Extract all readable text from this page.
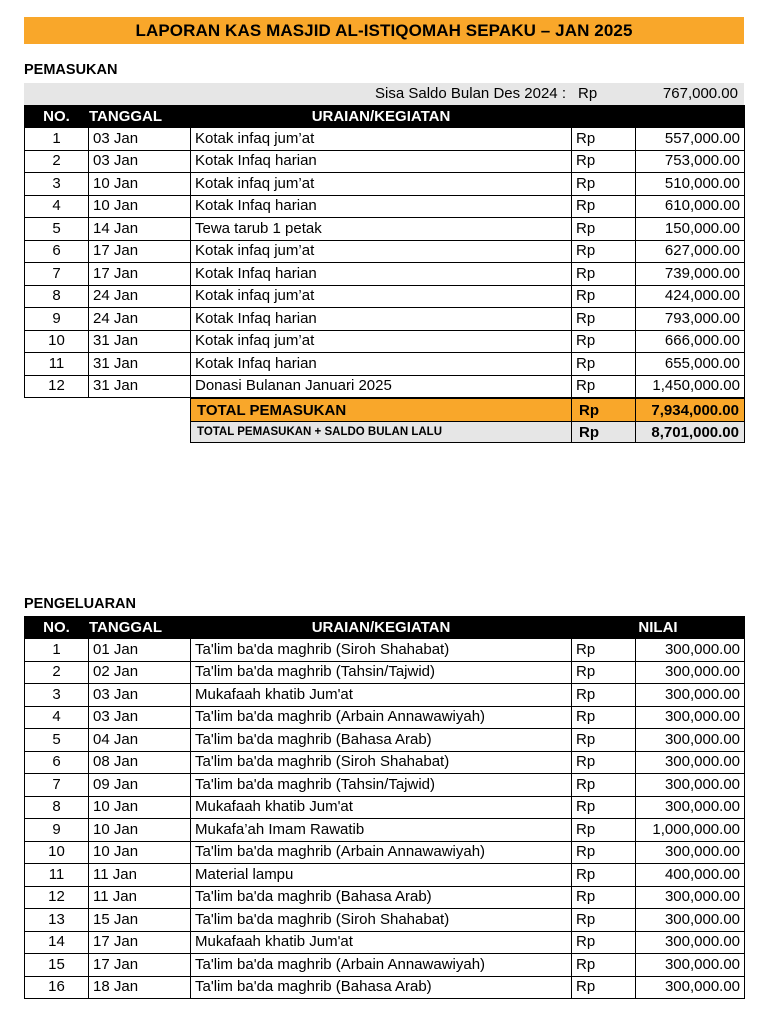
LAPORAN KAS MASJID AL-ISTIQOMAH SEPAKU – JAN 2025
PEMASUKAN
Sisa Saldo Bulan Des 2024 : Rp	767,000.00
NO.	TANGGAL	URAIAN/KEGIATAN		
1	03 Jan	Kotak infaq jum’at	Rp	557,000.00
2	03 Jan	Kotak Infaq harian	Rp	753,000.00
3	10 Jan	Kotak infaq jum’at	Rp	510,000.00
4	10 Jan	Kotak Infaq harian	Rp	610,000.00
5	14 Jan	Tewa tarub 1 petak	Rp	150,000.00
6	17 Jan	Kotak infaq jum’at	Rp	627,000.00
7	17 Jan	Kotak Infaq harian	Rp	739,000.00
8	24 Jan	Kotak infaq jum’at	Rp	424,000.00
9	24 Jan	Kotak Infaq harian	Rp	793,000.00
10	31 Jan	Kotak infaq jum’at	Rp	666,000.00
11	31 Jan	Kotak Infaq harian	Rp	655,000.00
12	31 Jan	Donasi Bulanan Januari 2025	Rp	1,450,000.00
TOTAL PEMASUKAN	Rp	7,934,000.00
TOTAL PEMASUKAN + SALDO BULAN LALU	Rp	8,701,000.00
PENGELUARAN
NO.	TANGGAL	URAIAN/KEGIATAN	NILAI	
1	01 Jan	Ta'lim ba'da maghrib (Siroh Shahabat)	Rp	300,000.00
2	02 Jan	Ta'lim ba'da maghrib (Tahsin/Tajwid)	Rp	300,000.00
3	03 Jan	Mukafaah khatib Jum'at	Rp	300,000.00
4	03 Jan	Ta'lim ba'da maghrib (Arbain Annawawiyah)	Rp	300,000.00
5	04 Jan	Ta'lim ba'da maghrib (Bahasa Arab)	Rp	300,000.00
6	08 Jan	Ta'lim ba'da maghrib (Siroh Shahabat)	Rp	300,000.00
7	09 Jan	Ta'lim ba'da maghrib (Tahsin/Tajwid)	Rp	300,000.00
8	10 Jan	Mukafaah khatib Jum'at	Rp	300,000.00
9	10 Jan	Mukafa’ah Imam Rawatib	Rp	1,000,000.00
10	10 Jan	Ta'lim ba'da maghrib (Arbain Annawawiyah)	Rp	300,000.00
11	11 Jan	Material lampu	Rp	400,000.00
12	11 Jan	Ta'lim ba'da maghrib (Bahasa Arab)	Rp	300,000.00
13	15 Jan	Ta'lim ba'da maghrib (Siroh Shahabat)	Rp	300,000.00
14	17 Jan	Mukafaah khatib Jum'at	Rp	300,000.00
15	17 Jan	Ta'lim ba'da maghrib (Arbain Annawawiyah)	Rp	300,000.00
16	18 Jan	Ta'lim ba'da maghrib (Bahasa Arab)	Rp	300,000.00
